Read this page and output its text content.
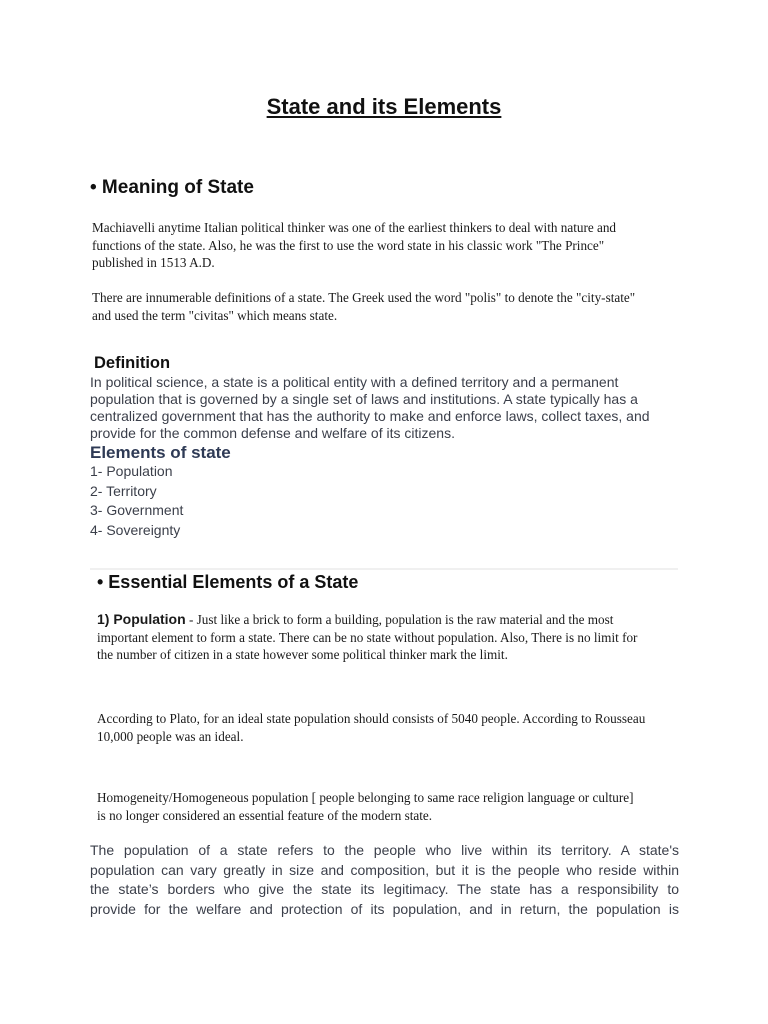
State and its Elements
• Meaning of State

Machiavelli anytime Italian political thinker was one of the earliest thinkers to deal with nature and

functions of the state. Also, he was the first to use the word state in his classic work "The Prince"

published in 1513 A.D.

There are innumerable definitions of a state. The Greek used the word "polis" to denote the "city-state"

and used the term "civitas" which means state.

Definition
In political science, a state is a political entity with a defined territory and a permanent
population that is governed by a single set of laws and institutions. A state typically has a
centralized government that has the authority to make and enforce laws, collect taxes, and
provide for the common defense and welfare of its citizens.
Elements of state
1- Population
2- Territory
3- Government
4- Sovereignty
• Essential Elements of a State

1) Population - Just like a brick to form a building, population is the raw material and the most

important element to form a state. There can be no state without population. Also, There is no limit for

the number of citizen in a state however some political thinker mark the limit.

According to Plato, for an ideal state population should consists of 5040 people. According to Rousseau

10,000 people was an ideal.

Homogeneity/Homogeneous population [ people belonging to same race religion language or culture]

is no longer considered an essential feature of the modern state.

The population of a state refers to the people who live within its territory. A state's
population can vary greatly in size and composition, but it is the people who reside within
the state’s borders who give the state its legitimacy. The state has a responsibility to
provide for the welfare and protection of its population, and in return, the population is
